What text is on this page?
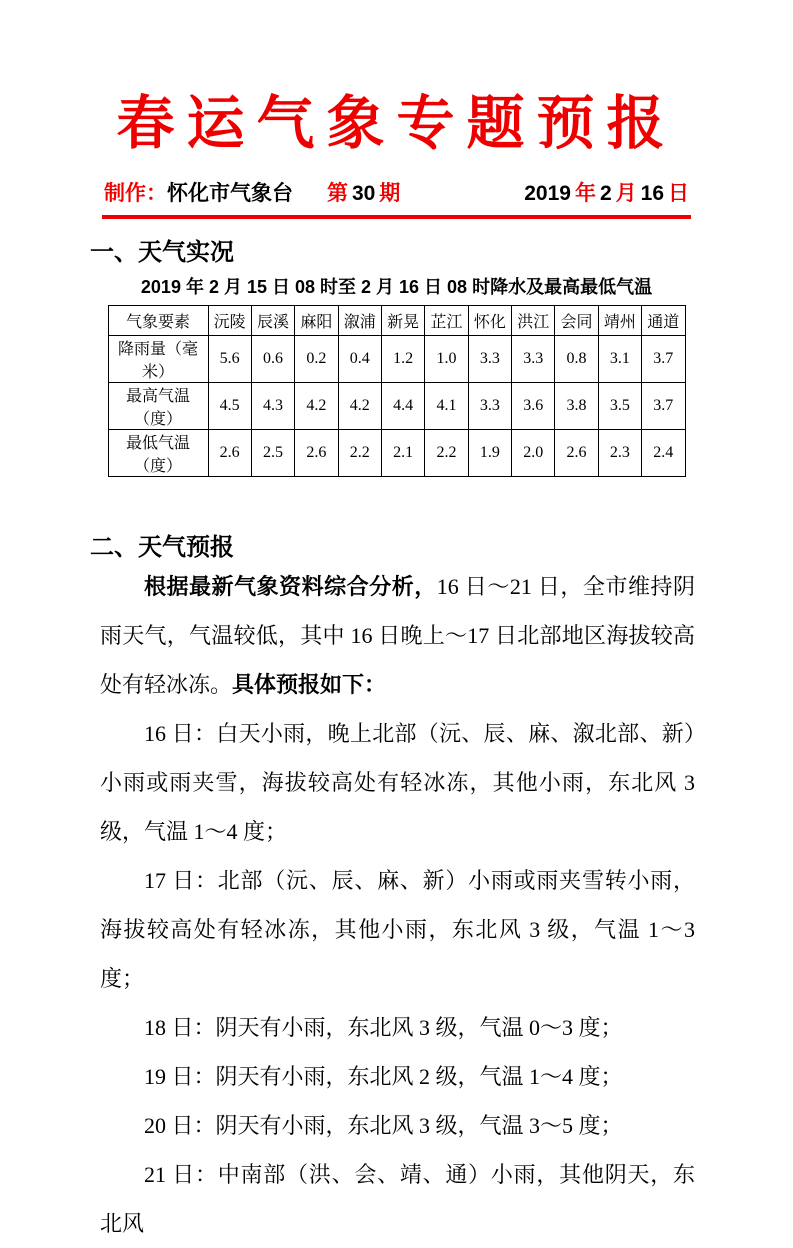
春运气象专题预报
制作：怀化市气象台 第 30 期	2019 年 2 月 16 日
一、天气实况
2019 年 2 月 15 日 08 时至 2 月 16 日 08 时降水及最高最低气温
气象要素	沅陵	辰溪	麻阳	溆浦	新晃	芷江	怀化	洪江	会同	靖州	通道
降雨量（毫米）	5.6	0.6	0.2	0.4	1.2	1.0	3.3	3.3	0.8	3.1	3.7
最高气温（度）	4.5	4.3	4.2	4.2	4.4	4.1	3.3	3.6	3.8	3.5	3.7
最低气温（度）	2.6	2.5	2.6	2.2	2.1	2.2	1.9	2.0	2.6	2.3	2.4
二、天气预报

根据最新气象资料综合分析，16 日～21 日，全市维持阴雨天气，气温较低，其中 16 日晚上～17 日北部地区海拔较高处有轻冰冻。具体预报如下：

16 日：白天小雨，晚上北部（沅、辰、麻、溆北部、新）小雨或雨夹雪，海拔较高处有轻冰冻，其他小雨，东北风 3 级，气温 1～4 度；

17 日：北部（沅、辰、麻、新）小雨或雨夹雪转小雨，海拔较高处有轻冰冻，其他小雨，东北风 3 级，气温 1～3 度；

18 日：阴天有小雨，东北风 3 级，气温 0～3 度；

19 日：阴天有小雨，东北风 2 级，气温 1～4 度；

20 日：阴天有小雨，东北风 3 级，气温 3～5 度；

21 日：中南部（洪、会、靖、通）小雨，其他阴天，东北风
